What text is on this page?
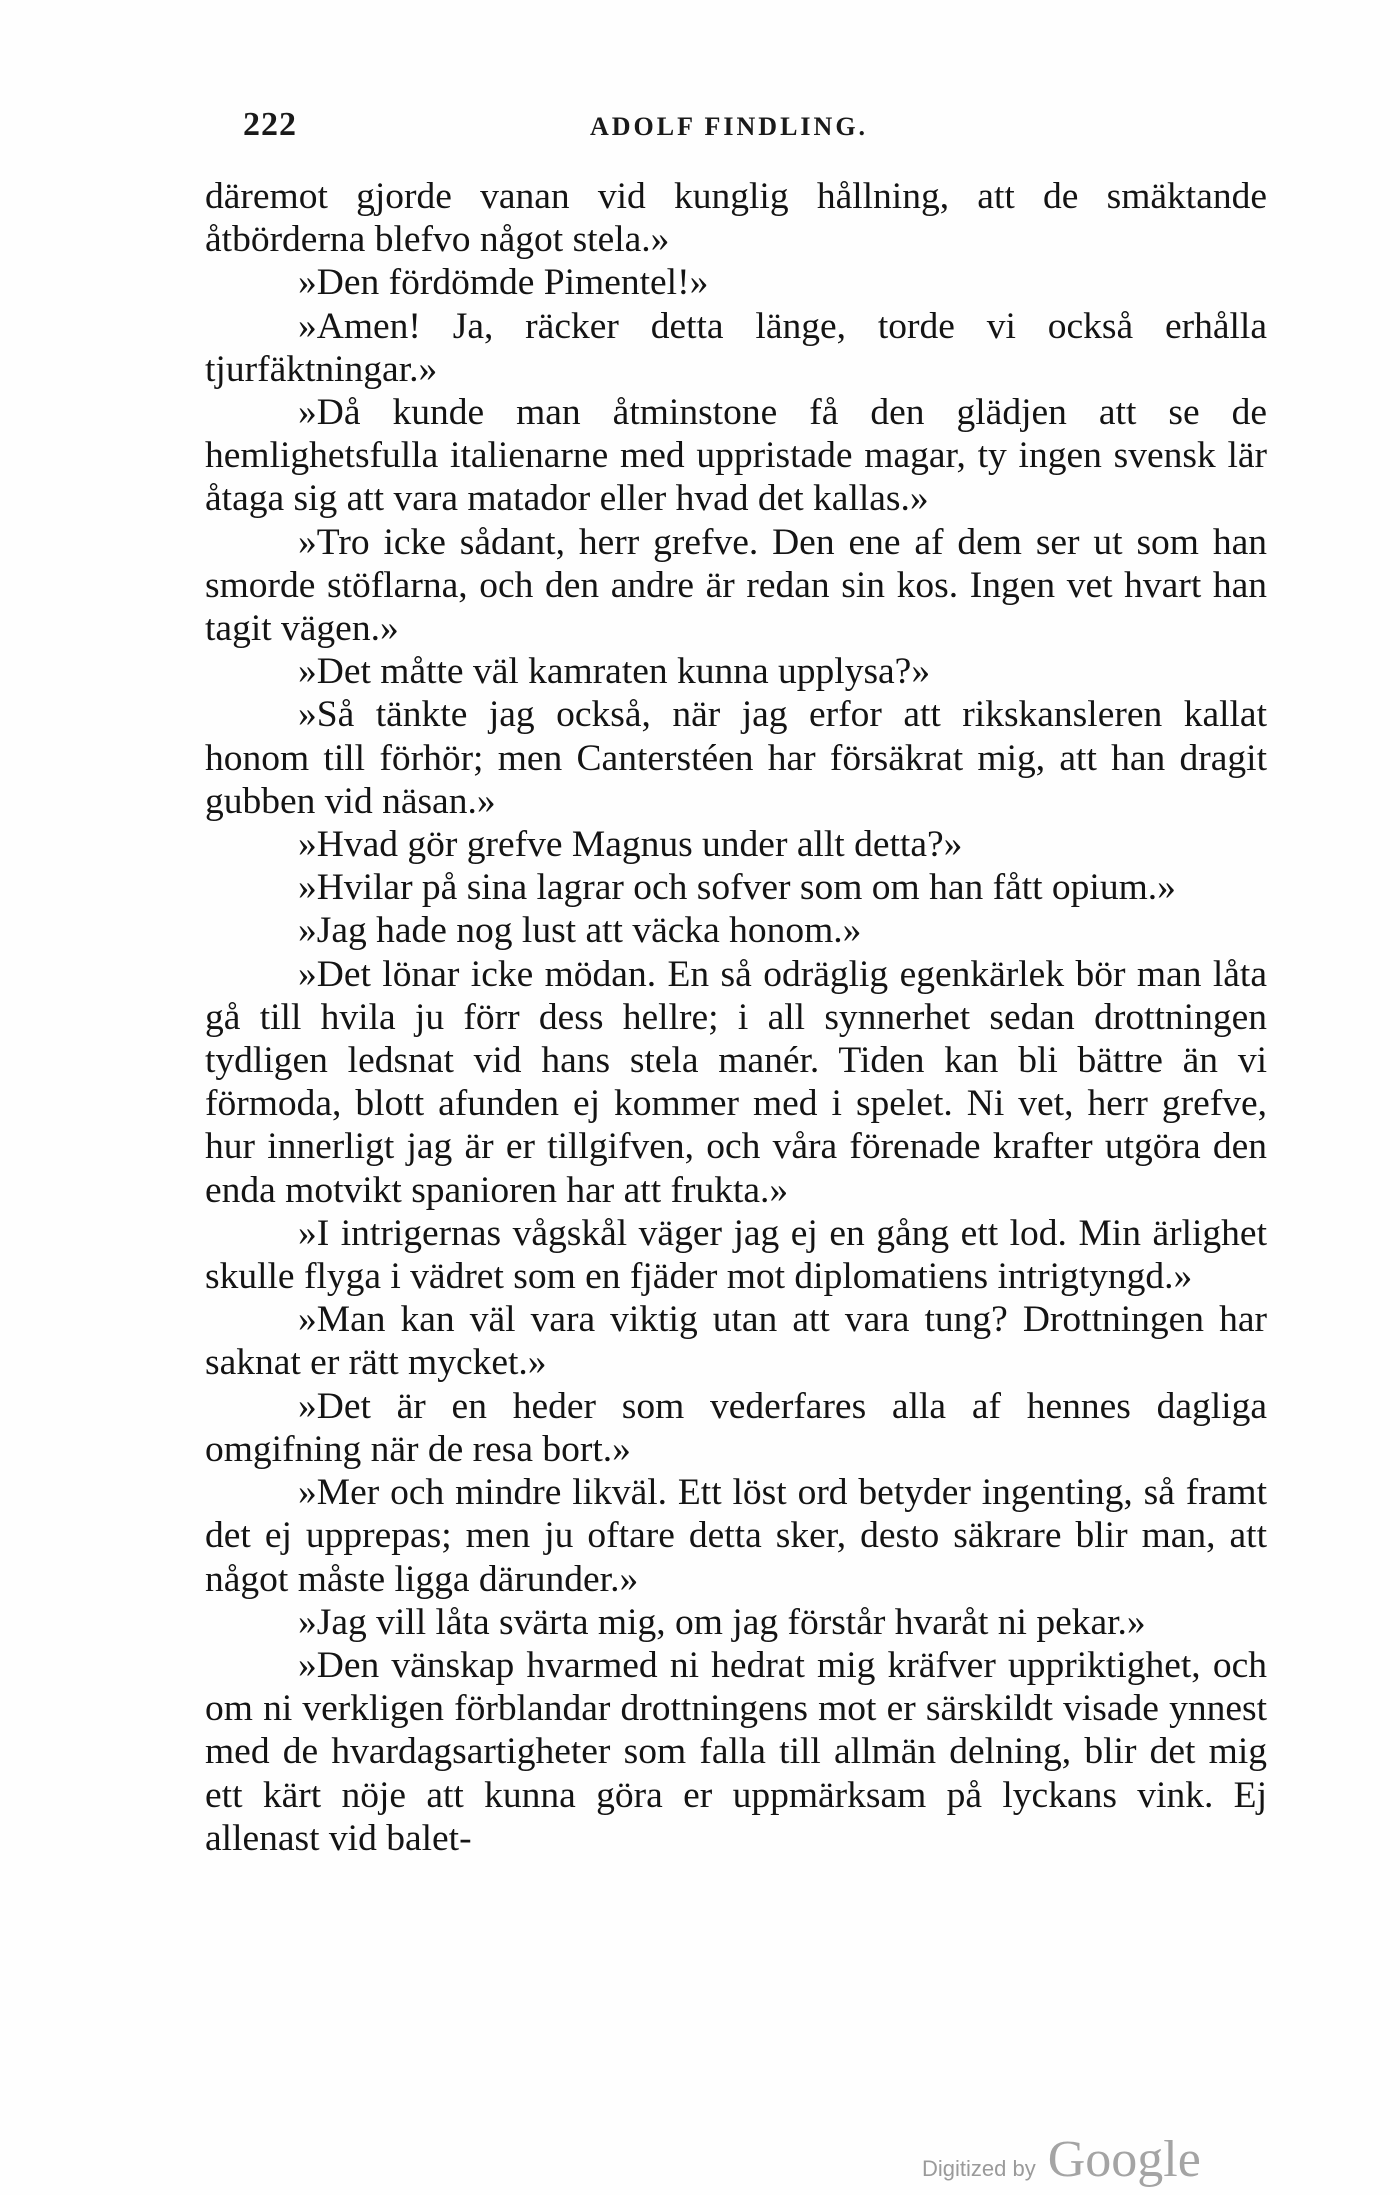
222	ADOLF FINDLING.

däremot gjorde vanan vid kunglig hållning, att de smäktande åtbörderna blefvo något stela.»

»Den fördömde Pimentel!»

»Amen! Ja, räcker detta länge, torde vi också erhålla tjurfäktningar.»

»Då kunde man åtminstone få den glädjen att se de hemlighetsfulla italienarne med uppristade magar, ty ingen svensk lär åtaga sig att vara matador eller hvad det kallas.»

»Tro icke sådant, herr grefve. Den ene af dem ser ut som han smorde stöflarna, och den andre är redan sin kos. Ingen vet hvart han tagit vägen.»

»Det måtte väl kamraten kunna upplysa?»

»Så tänkte jag också, när jag erfor att rikskansleren kallat honom till förhör; men Canterstéen har försäkrat mig, att han dragit gubben vid näsan.»

»Hvad gör grefve Magnus under allt detta?»

»Hvilar på sina lagrar och sofver som om han fått opium.»

»Jag hade nog lust att väcka honom.»

»Det lönar icke mödan. En så odräglig egenkärlek bör man låta gå till hvila ju förr dess hellre; i all synnerhet sedan drottningen tydligen ledsnat vid hans stela manér. Tiden kan bli bättre än vi förmoda, blott afunden ej kommer med i spelet. Ni vet, herr grefve, hur innerligt jag är er tillgifven, och våra förenade krafter utgöra den enda motvikt spanioren har att frukta.»

»I intrigernas vågskål väger jag ej en gång ett lod. Min ärlighet skulle flyga i vädret som en fjäder mot diplomatiens intrigtyngd.»

»Man kan väl vara viktig utan att vara tung? Drottningen har saknat er rätt mycket.»

»Det är en heder som vederfares alla af hennes dagliga omgifning när de resa bort.»

»Mer och mindre likväl. Ett löst ord betyder ingenting, så framt det ej upprepas; men ju oftare detta sker, desto säkrare blir man, att något måste ligga därunder.»

»Jag vill låta svärta mig, om jag förstår hvaråt ni pekar.»

»Den vänskap hvarmed ni hedrat mig kräfver uppriktighet, och om ni verkligen förblandar drottningens mot er särskildt visade ynnest med de hvardagsartigheter som falla till allmän delning, blir det mig ett kärt nöje att kunna göra er uppmärksam på lyckans vink. Ej allenast vid balet-

Digitized by Google
